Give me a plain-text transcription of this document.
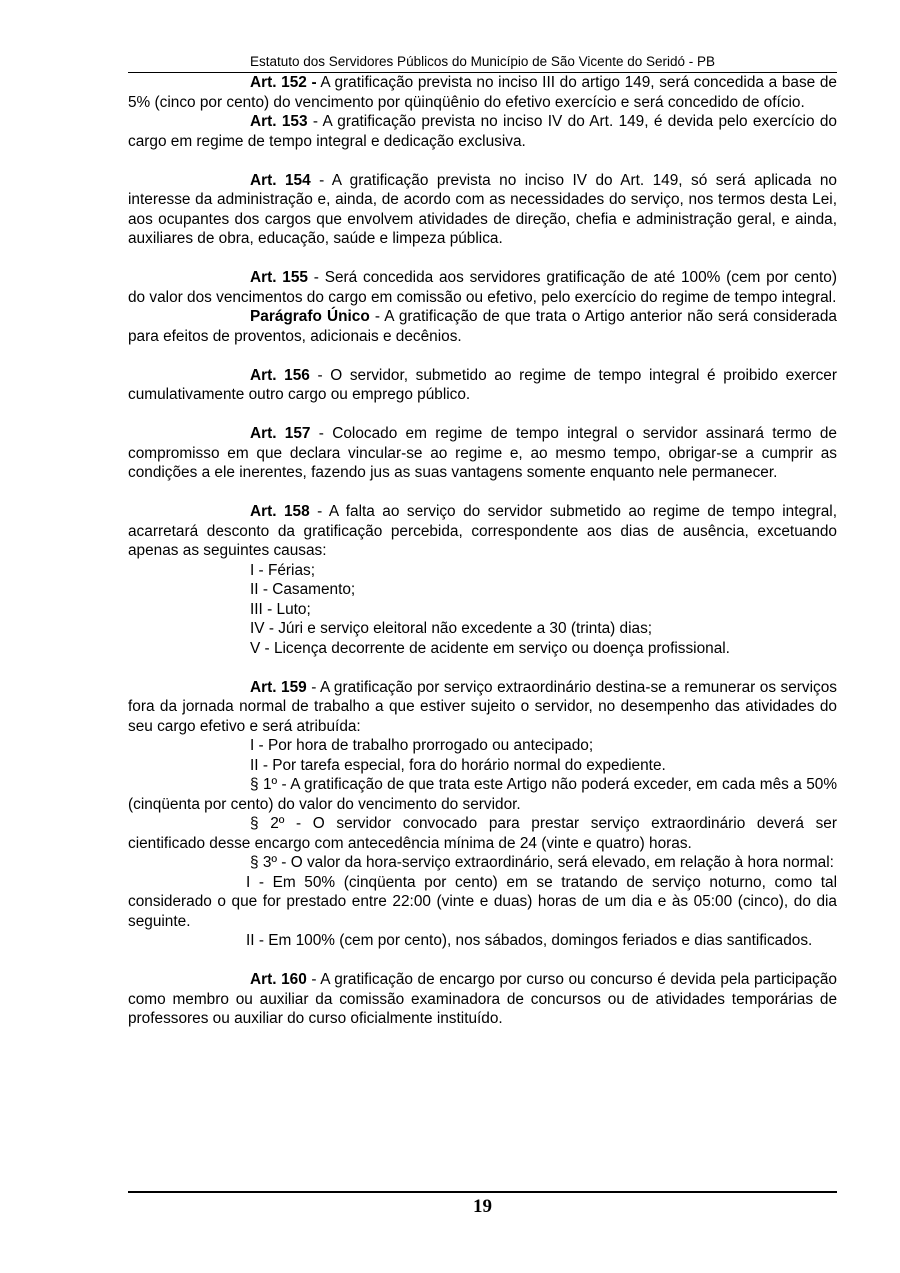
Estatuto dos Servidores Públicos do Município de São Vicente do Seridó - PB

Art. 152 - A gratificação prevista no inciso III do artigo 149, será concedida a base de 5% (cinco por cento) do vencimento por qüinqüênio do efetivo exercício e será concedido de ofício.

Art. 153 - A gratificação prevista no inciso IV do Art. 149, é devida pelo exercício do cargo em regime de tempo integral e dedicação exclusiva.

Art. 154 - A gratificação prevista no inciso IV do Art. 149, só será aplicada no interesse da administração e, ainda, de acordo com as necessidades do serviço, nos termos desta Lei, aos ocupantes dos cargos que envolvem atividades de direção, chefia e administração geral, e ainda, auxiliares de obra, educação, saúde e limpeza pública.

Art. 155 - Será concedida aos servidores gratificação de até 100% (cem por cento) do valor dos vencimentos do cargo em comissão ou efetivo, pelo exercício do regime de tempo integral.

Parágrafo Único - A gratificação de que trata o Artigo anterior não será considerada para efeitos de proventos, adicionais e decênios.

Art. 156 - O servidor, submetido ao regime de tempo integral é proibido exercer cumulativamente outro cargo ou emprego público.

Art. 157 - Colocado em regime de tempo integral o servidor assinará termo de compromisso em que declara vincular-se ao regime e, ao mesmo tempo, obrigar-se a cumprir as condições a ele inerentes, fazendo jus as suas vantagens somente enquanto nele permanecer.

Art. 158 - A falta ao serviço do servidor submetido ao regime de tempo integral, acarretará desconto da gratificação percebida, correspondente aos dias de ausência, excetuando apenas as seguintes causas:

I - Férias;

II - Casamento;

III - Luto;

IV - Júri e serviço eleitoral não excedente a 30 (trinta) dias;

V - Licença decorrente de acidente em serviço ou doença profissional.

Art. 159 - A gratificação por serviço extraordinário destina-se a remunerar os serviços fora da jornada normal de trabalho a que estiver sujeito o servidor, no desempenho das atividades do seu cargo efetivo e será atribuída:

I - Por hora de trabalho prorrogado ou antecipado;

II - Por tarefa especial, fora do horário normal do expediente.

§ 1º - A gratificação de que trata este Artigo não poderá exceder, em cada mês a 50% (cinqüenta por cento) do valor do vencimento do servidor.

§ 2º - O servidor convocado para prestar serviço extraordinário deverá ser cientificado desse encargo com antecedência mínima de 24 (vinte e quatro) horas.

§ 3º - O valor da hora-serviço extraordinário, será elevado, em relação à hora normal:

I - Em 50% (cinqüenta por cento) em se tratando de serviço noturno, como tal considerado o que for prestado entre 22:00 (vinte e duas) horas de um dia e às 05:00 (cinco), do dia seguinte.

II - Em 100% (cem por cento), nos sábados, domingos feriados e dias santificados.

Art. 160 - A gratificação de encargo por curso ou concurso é devida pela participação como membro ou auxiliar da comissão examinadora de concursos ou de atividades temporárias de professores ou auxiliar do curso oficialmente instituído.

19
